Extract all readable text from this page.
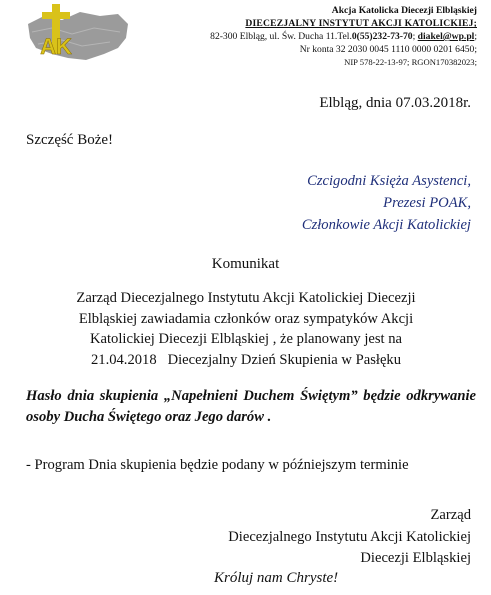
AK
Akcja Katolicka Diecezji Elbląskiej
DIECEZJALNY INSTYTUT AKCJI KATOLICKIEJ;
82-300 Elbląg, ul. Św. Ducha 11.Tel.0(55)232-73-70; diakel@wp.pl;
Nr konta 32 2030 0045 1110 0000 0201 6450;
NIP 578-22-13-97; RGON170382023;
Elbląg, dnia 07.03.2018r.
Szczęść Boże!
Czcigodni Księża Asystenci,
Prezesi POAK,
Członkowie Akcji Katolickiej
Komunikat
Zarząd Diecezjalnego Instytutu Akcji Katolickiej Diecezji
Elbląskiej zawiadamia członków oraz sympatyków Akcji
Katolickiej Diecezji Elbląskiej , że planowany jest na
21.04.2018   Diecezjalny Dzień Skupienia w Pasłęku
Hasło dnia skupienia „Napełnieni Duchem Świętym” będzie odkrywanie osoby Ducha Świętego oraz Jego darów .
- Program Dnia skupienia będzie podany w późniejszym terminie
Zarząd
Diecezjalnego Instytutu Akcji Katolickiej
Diecezji Elbląskiej
Króluj nam Chryste!
